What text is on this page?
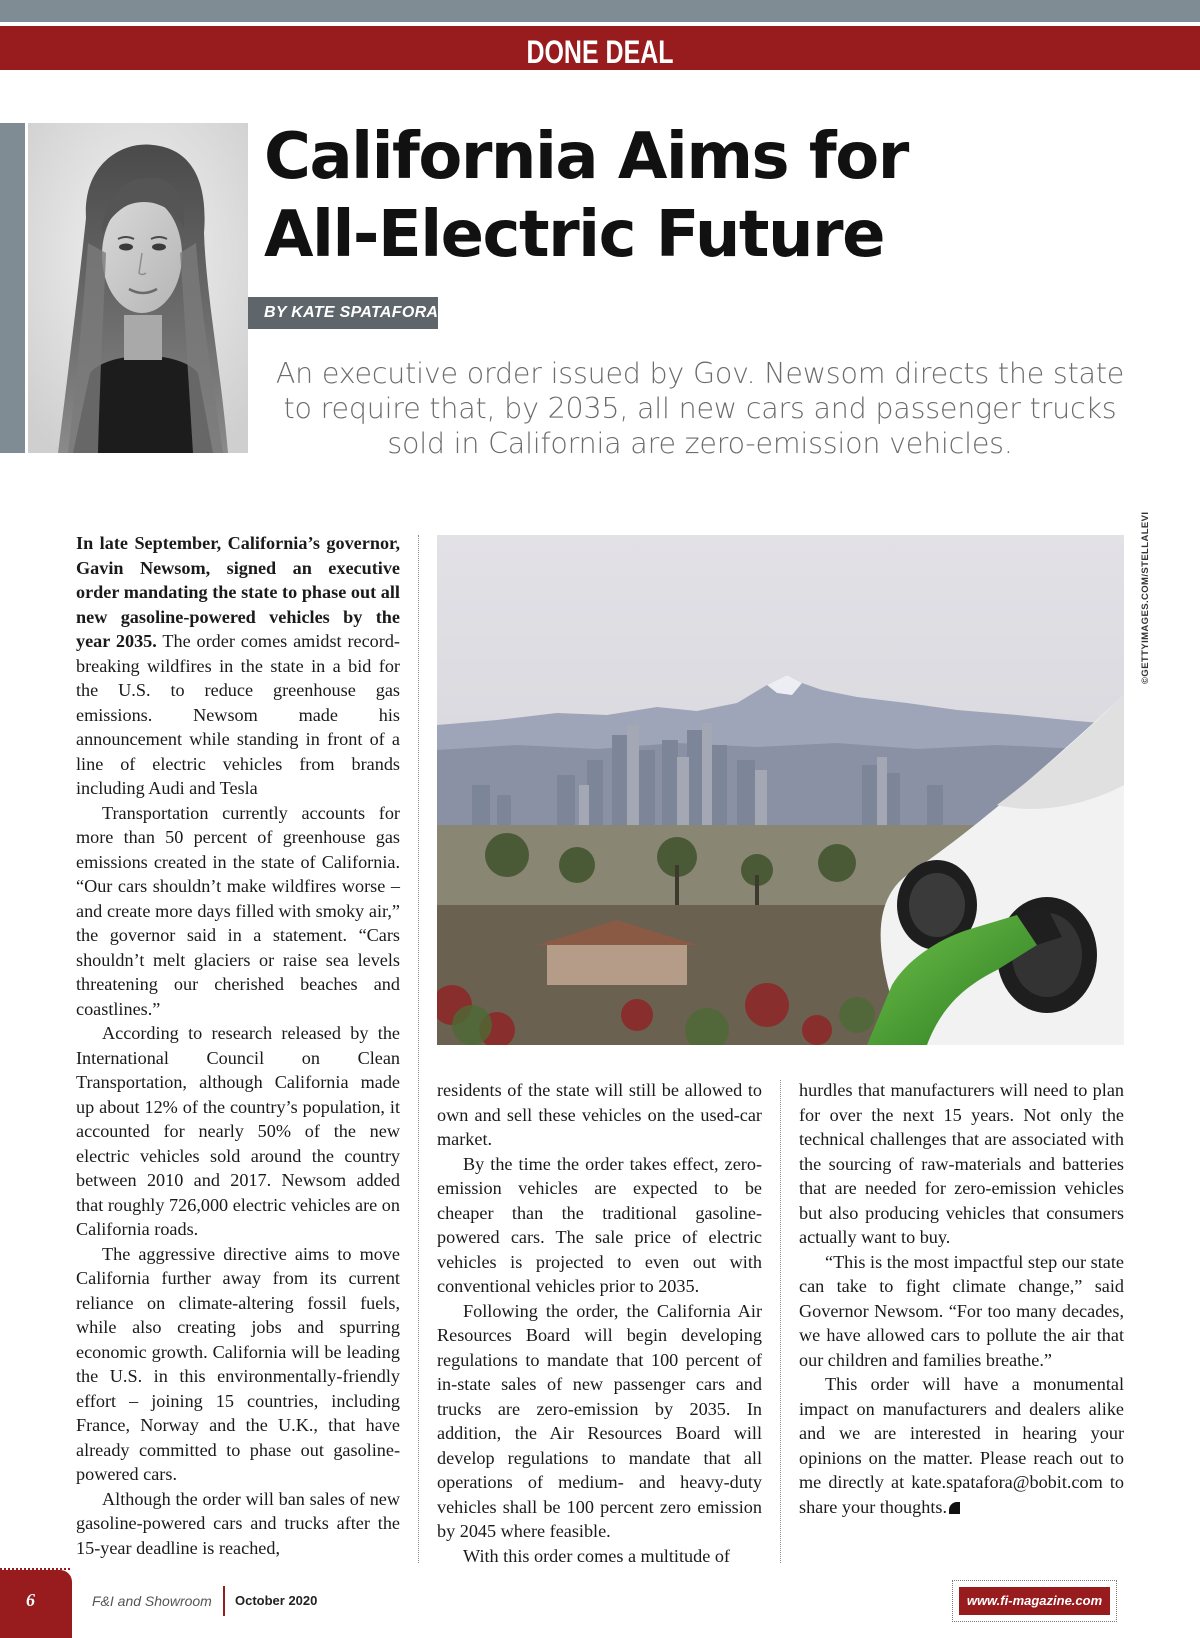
DONE DEAL
California Aims for
All-Electric Future
BY KATE SPATAFORA

An executive order issued by Gov. Newsom directs the state to require that, by 2035, all new cars and passenger trucks sold in California are zero-emission vehicles.

In late September, California’s governor, Gavin Newsom, signed an executive order mandating the state to phase out all new gasoline-powered vehicles by the year 2035. The order comes amidst record-breaking wildfires in the state in a bid for the U.S. to reduce greenhouse gas emissions. Newsom made his announcement while standing in front of a line of electric vehicles from brands including Audi and Tesla

Transportation currently accounts for more than 50 percent of greenhouse gas emissions created in the state of California. “Our cars shouldn’t make wildfires worse – and create more days filled with smoky air,” the governor said in a statement. “Cars shouldn’t melt glaciers or raise sea levels threatening our cherished beaches and coastlines.”

According to research released by the International Council on Clean Transportation, although California made up about 12% of the country’s population, it accounted for nearly 50% of the new electric vehicles sold around the country between 2010 and 2017. Newsom added that roughly 726,000 electric vehicles are on California roads.

The aggressive directive aims to move California further away from its current reliance on climate-altering fossil fuels, while also creating jobs and spurring economic growth. California will be leading the U.S. in this environmentally-friendly effort – joining 15 countries, including France, Norway and the U.K., that have already committed to phase out gasoline-powered cars.

Although the order will ban sales of new gasoline-powered cars and trucks after the 15-year deadline is reached,

©GETTYIMAGES.COM/STELLALEVI

residents of the state will still be allowed to own and sell these vehicles on the used-car market.

By the time the order takes effect, zero-emission vehicles are expected to be cheaper than the traditional gasoline-powered cars. The sale price of electric vehicles is projected to even out with conventional vehicles prior to 2035.

Following the order, the California Air Resources Board will begin developing regulations to mandate that 100 percent of in-state sales of new passenger cars and trucks are zero-emission by 2035. In addition, the Air Resources Board will develop regulations to mandate that all operations of medium- and heavy-duty vehicles shall be 100 percent zero emission by 2045 where feasible.

With this order comes a multitude of

hurdles that manufacturers will need to plan for over the next 15 years. Not only the technical challenges that are associated with the sourcing of raw-materials and batteries that are needed for zero-emission vehicles but also producing vehicles that consumers actually want to buy.

“This is the most impactful step our state can take to fight climate change,” said Governor Newsom. “For too many decades, we have allowed cars to pollute the air that our children and families breathe.”

This order will have a monumental impact on manufacturers and dealers alike and we are interested in hearing your opinions on the matter. Please reach out to me directly at kate.spatafora@bobit.com to share your thoughts.

6	F&I and Showroom October 2020	www.fi-magazine.com
